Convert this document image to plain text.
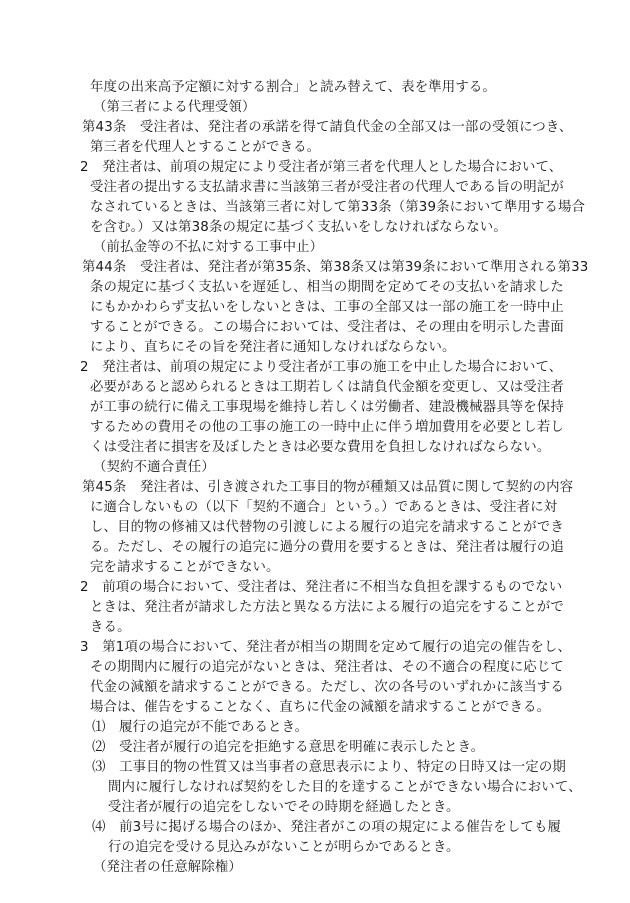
年度の出来高予定額に対する割合」と読み替えて、表を準用する。
（第三者による代理受領）
第43条　受注者は、発注者の承諾を得て請負代金の全部又は一部の受領につき、
第三者を代理人とすることができる。
2　発注者は、前項の規定により受注者が第三者を代理人とした場合において、
受注者の提出する支払請求書に当該第三者が受注者の代理人である旨の明記が
なされているときは、当該第三者に対して第33条（第39条において準用する場合
を含む。）又は第38条の規定に基づく支払いをしなければならない。
（前払金等の不払に対する工事中止）
第44条　受注者は、発注者が第35条、第38条又は第39条において準用される第33
条の規定に基づく支払いを遅延し、相当の期間を定めてその支払いを請求した
にもかかわらず支払いをしないときは、工事の全部又は一部の施工を一時中止
することができる。この場合においては、受注者は、その理由を明示した書面
により、直ちにその旨を発注者に通知しなければならない。
2　発注者は、前項の規定により受注者が工事の施工を中止した場合において、
必要があると認められるときは工期若しくは請負代金額を変更し、又は受注者
が工事の続行に備え工事現場を維持し若しくは労働者、建設機械器具等を保持
するための費用その他の工事の施工の一時中止に伴う増加費用を必要とし若し
くは受注者に損害を及ぼしたときは必要な費用を負担しなければならない。
（契約不適合責任）
第45条　発注者は、引き渡された工事目的物が種類又は品質に関して契約の内容
に適合しないもの（以下「契約不適合」という。）であるときは、受注者に対
し、目的物の修補又は代替物の引渡しによる履行の追完を請求することができ
る。ただし、その履行の追完に過分の費用を要するときは、発注者は履行の追
完を請求することができない。
2　前項の場合において、受注者は、発注者に不相当な負担を課するものでない
ときは、発注者が請求した方法と異なる方法による履行の追完をすることがで
きる。
3　第1項の場合において、発注者が相当の期間を定めて履行の追完の催告をし、
その期間内に履行の追完がないときは、発注者は、その不適合の程度に応じて
代金の減額を請求することができる。ただし、次の各号のいずれかに該当する
場合は、催告をすることなく、直ちに代金の減額を請求することができる。
⑴　履行の追完が不能であるとき。
⑵　受注者が履行の追完を拒絶する意思を明確に表示したとき。
⑶　工事目的物の性質又は当事者の意思表示により、特定の日時又は一定の期
間内に履行しなければ契約をした目的を達することができない場合において、
受注者が履行の追完をしないでその時期を経過したとき。
⑷　前3号に掲げる場合のほか、発注者がこの項の規定による催告をしても履
行の追完を受ける見込みがないことが明らかであるとき。
（発注者の任意解除権）
